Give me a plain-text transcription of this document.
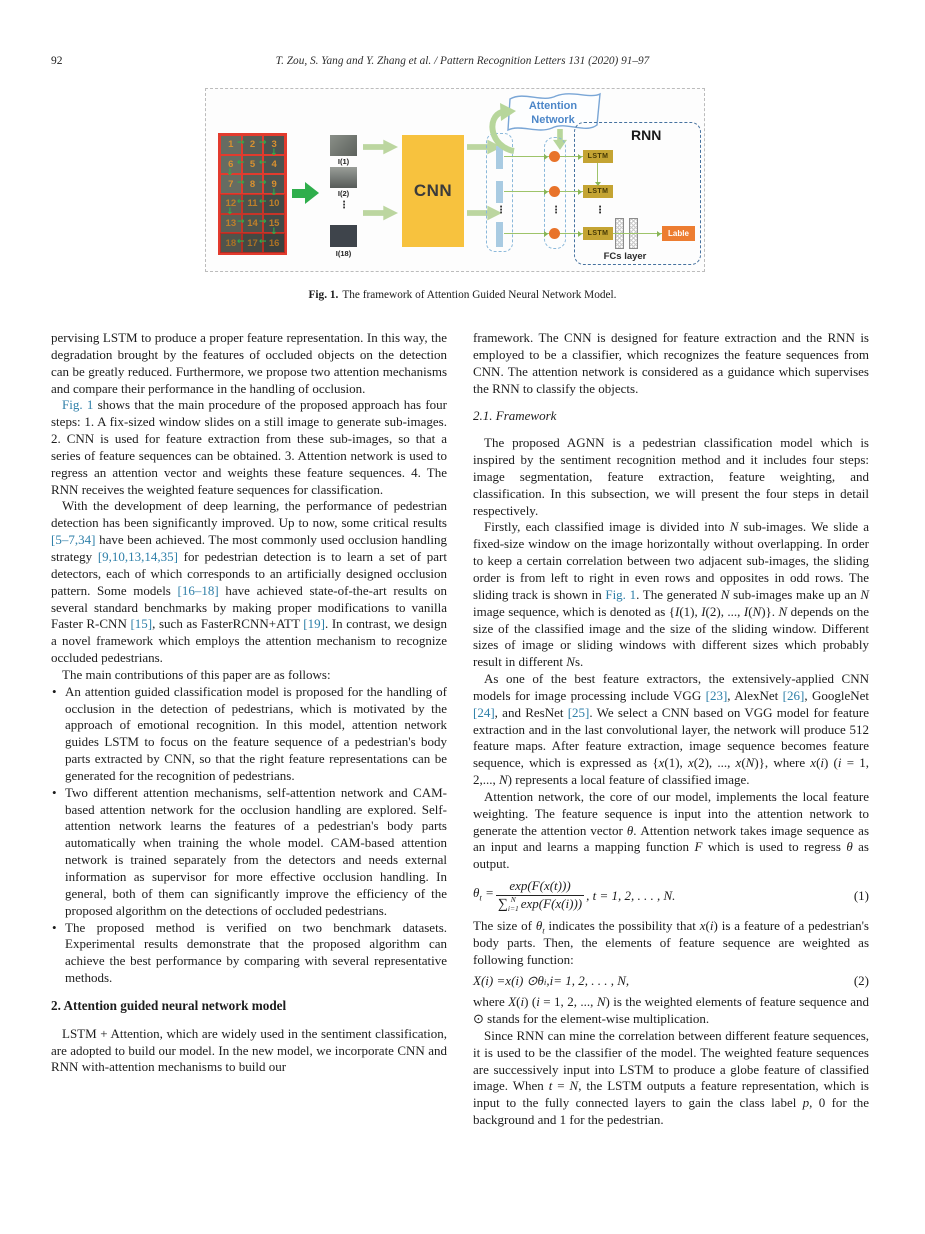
92	T. Zou, S. Yang and Y. Zhang et al. / Pattern Recognition Letters 131 (2020) 91–97
1	2	3
6	5	4
7	8	9
12	11	10
13	14	15
18	17	16
→ →
← ←
→ →
← ←
→ →
← ←
↓
↓
↓
↓
↓
I(1)
I(2)
⋮
I(18)
CNN
⋮
Attention
Network
⋮
RNN
LSTM
LSTM
⋮
LSTM
FCs layer
Lable
Fig. 1. The framework of Attention Guided Neural Network Model.

pervising LSTM to produce a proper feature representation. In this way, the degradation brought by the features of occluded objects on the detection can be greatly reduced. Furthermore, we propose two attention mechanisms and compare their performance in the handling of occlusion.

Fig. 1 shows that the main procedure of the proposed approach has four steps: 1. A fix-sized window slides on a still image to generate sub-images. 2. CNN is used for feature extraction from these sub-images, so that a series of feature sequences can be obtained. 3. Attention network is used to regress an attention vector and weights these feature sequences. 4. The RNN receives the weighted feature sequences for classification.

With the development of deep learning, the performance of pedestrian detection has been significantly improved. Up to now, some critical results [5–7,34] have been achieved. The most commonly used occlusion handling strategy [9,10,13,14,35] for pedestrian detection is to learn a set of part detectors, each of which corresponds to an artificially designed occlusion pattern. Some models [16–18] have achieved state-of-the-art results on several standard benchmarks by making proper modifications to vanilla Faster R-CNN [15], such as FasterRCNN+ATT [19]. In contrast, we design a novel framework which employs the attention mechanism to recognize occluded pedestrians.

The main contributions of this paper are as follows:

• An attention guided classification model is proposed for the handling of occlusion in the detection of pedestrians, which is motivated by the approach of emotional recognition. In this model, attention network guides LSTM to focus on the feature sequence of a pedestrian's body parts extracted by CNN, so that the right feature representations can be generated for the recognition of pedestrians.
• Two different attention mechanisms, self-attention network and CAM-based attention network for the occlusion handling are explored. Self-attention network learns the features of a pedestrian's body parts automatically when training the whole model. CAM-based attention network is trained separately from the detectors and needs external information as supervisor for more effective occlusion handling. In general, both of them can significantly improve the efficiency of the proposed algorithm on the detections of occluded pedestrians.
• The proposed method is verified on two benchmark datasets. Experimental results demonstrate that the proposed algorithm can achieve the best performance by comparing with several representative methods.
2. Attention guided neural network model

LSTM + Attention, which are widely used in the sentiment classification, are adopted to build our model. In the new model, we incorporate CNN and RNN with-attention mechanisms to build our

framework. The CNN is designed for feature extraction and the RNN is employed to be a classifier, which recognizes the feature sequences from CNN. The attention network is considered as a guidance which supervises the RNN to classify the objects.

2.1. Framework

The proposed AGNN is a pedestrian classification model which is inspired by the sentiment recognition method and it includes four steps: image segmentation, feature extraction, feature weighting, and classification. In this subsection, we will present the four steps in detail respectively.

Firstly, each classified image is divided into N sub-images. We slide a fixed-size window on the image horizontally without overlapping. In order to keep a certain correlation between two adjacent sub-images, the sliding order is from left to right in even rows and opposites in odd rows. The sliding track is shown in Fig. 1. The generated N sub-images make up an N image sequence, which is denoted as {I(1), I(2), ..., I(N)}. N depends on the size of the classified image and the size of the sliding window. Different sizes of image or sliding windows with different sizes which probably result in different Ns.

As one of the best feature extractors, the extensively-applied CNN models for image processing include VGG [23], AlexNet [26], GoogleNet [24], and ResNet [25]. We select a CNN based on VGG model for feature extraction and in the last convolutional layer, the network will produce 512 feature maps. After feature extraction, image sequence becomes feature sequence, which is expressed as {x(1), x(2), ..., x(N)}, where x(i) (i = 1, 2,..., N) represents a local feature of classified image.

Attention network, the core of our model, implements the local feature weighting. The feature sequence is input into the attention network to generate the attention vector θ. Attention network takes image sequence as an input and learns a mapping function F which is used to regress θ as output.

$\theta_t = \exp(F(x(t)))$
∑ N
i=1 exp(F(x(i))) , t = 1, 2, . . . , N.	(1)

The size of $\theta_t$ indicates the possibility that x(i) is a feature of a pedestrian's body parts. Then, the elements of feature sequence are weighted as following function:

X ( i ) = x ( i ) ⊙ θ i , i = 1, 2, . . . , N,	(2)

where X(i) (i = 1, 2, ..., N) is the weighted elements of feature sequence and ⊙ stands for the element-wise multiplication.

Since RNN can mine the correlation between different feature sequences, it is used to be the classifier of the model. The weighted feature sequences are successively input into LSTM to produce a globe feature of classified image. When t = N, the LSTM outputs a feature representation, which is input to the fully connected layers to gain the class label p, 0 for the background and 1 for the pedestrian.
